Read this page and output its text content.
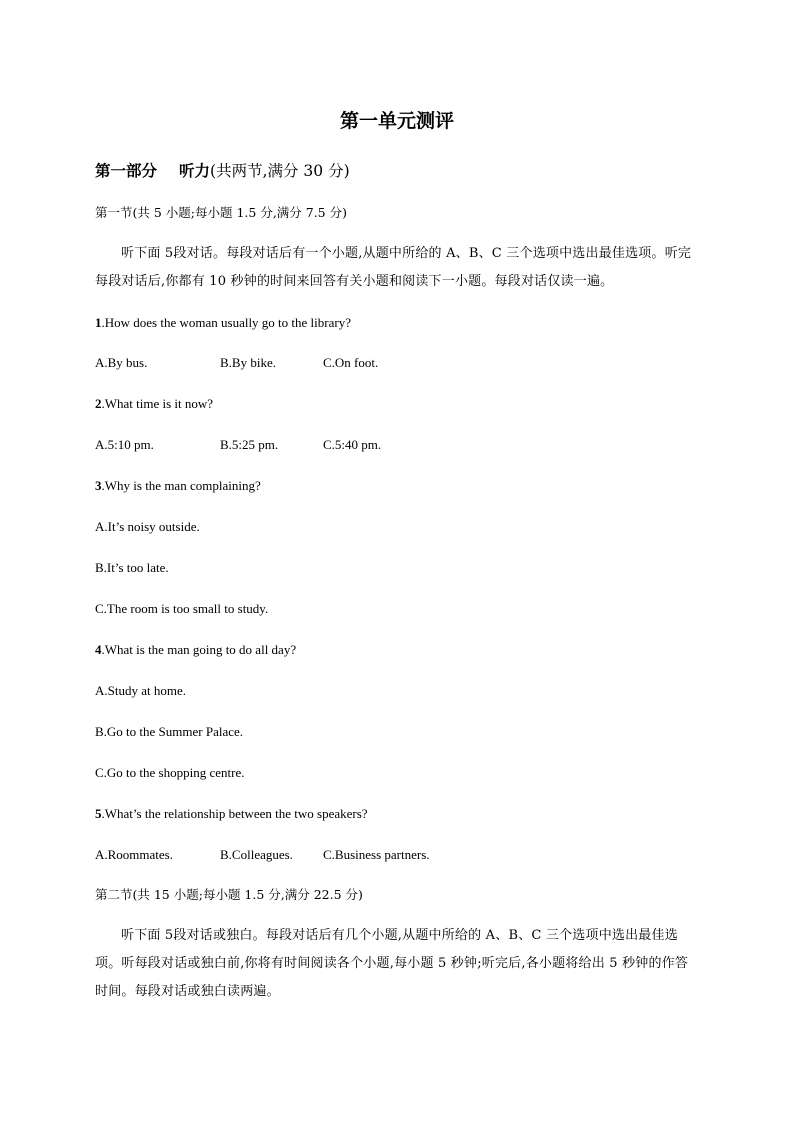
第一单元测评
第一部分 听力(共两节,满分 30 分)
第一节(共 5 小题;每小题 1.5 分,满分 7.5 分)
听下面 5段对话。每段对话后有一个小题,从题中所给的 A、B、C 三个选项中选出最佳选项。听完每段对话后,你都有 10 秒钟的时间来回答有关小题和阅读下一小题。每段对话仅读一遍。
1.How does the woman usually go to the library?
A.By bus.	B.By bike.	C.On foot.
2.What time is it now?
A.5:10 pm.	B.5:25 pm.	C.5:40 pm.
3.Why is the man complaining?
A.It’s noisy outside.
B.It’s too late.
C.The room is too small to study.
4.What is the man going to do all day?
A.Study at home.
B.Go to the Summer Palace.
C.Go to the shopping centre.
5.What’s the relationship between the two speakers?
A.Roommates.	B.Colleagues. C.Business partners.
第二节(共 15 小题;每小题 1.5 分,满分 22.5 分)
听下面 5段对话或独白。每段对话后有几个小题,从题中所给的 A、B、C 三个选项中选出最佳选项。听每段对话或独白前,你将有时间阅读各个小题,每小题 5 秒钟;听完后,各小题将给出 5 秒钟的作答时间。每段对话或独白读两遍。
